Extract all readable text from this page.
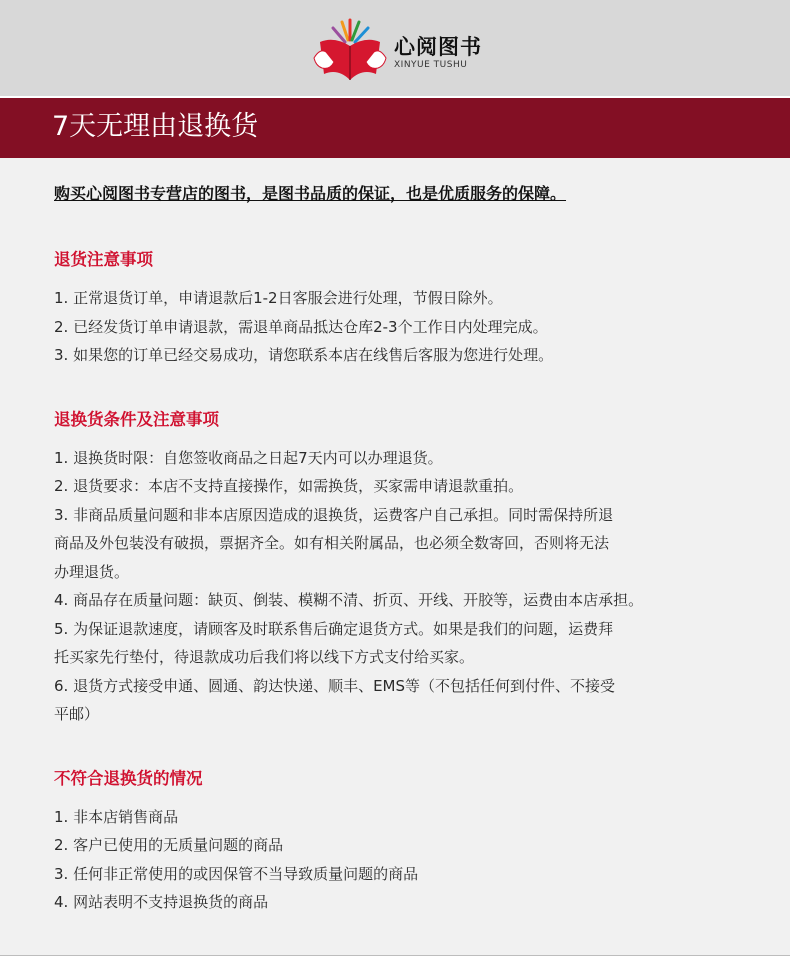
心阅图书
XINYUE TUSHU
7天无理由退换货

购买心阅图书专营店的图书，是图书品质的保证，也是优质服务的保障。

退货注意事项

1. 正常退货订单，申请退款后1-2日客服会进行处理，节假日除外。
2. 已经发货订单申请退款，需退单商品抵达仓库2-3个工作日内处理完成。
3. 如果您的订单已经交易成功，请您联系本店在线售后客服为您进行处理。

退换货条件及注意事项

1. 退换货时限：自您签收商品之日起7天内可以办理退货。
2. 退货要求：本店不支持直接操作，如需换货，买家需申请退款重拍。
3. 非商品质量问题和非本店原因造成的退换货，运费客户自己承担。同时需保持所退
商品及外包装没有破损，票据齐全。如有相关附属品，也必须全数寄回，否则将无法
办理退货。
4. 商品存在质量问题：缺页、倒装、模糊不清、折页、开线、开胶等，运费由本店承担。
5. 为保证退款速度，请顾客及时联系售后确定退货方式。如果是我们的问题，运费拜
托买家先行垫付，待退款成功后我们将以线下方式支付给买家。
6. 退货方式接受申通、圆通、韵达快递、顺丰、EMS等（不包括任何到付件、不接受
平邮）

不符合退换货的情况

1. 非本店销售商品
2. 客户已使用的无质量问题的商品
3. 任何非正常使用的或因保管不当导致质量问题的商品
4. 网站表明不支持退换货的商品
